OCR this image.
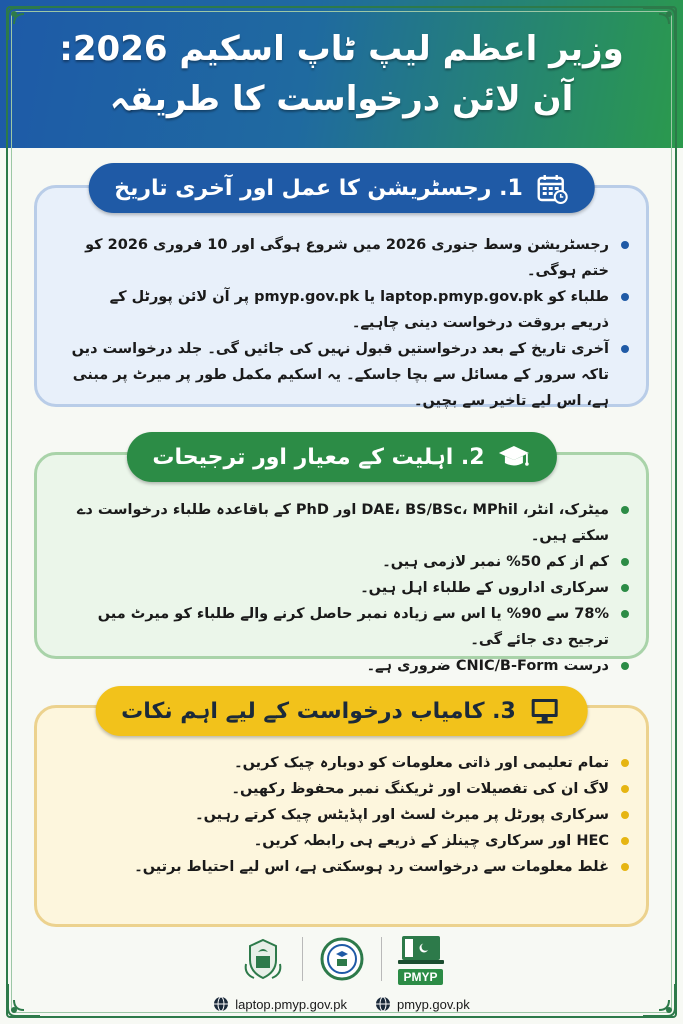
وزیر اعظم لیپ ٹاپ اسکیم 2026:
آن لائن درخواست کا طریقہ
1. رجسٹریشن کا عمل اور آخری تاریخ
رجسٹریشن وسط جنوری 2026 میں شروع ہوگی اور 10 فروری 2026 کو ختم ہوگی۔
طلباء کو laptop.pmyp.gov.pk یا pmyp.gov.pk پر آن لائن پورٹل کے ذریعے بروقت درخواست دینی چاہیے۔
آخری تاریخ کے بعد درخواستیں قبول نہیں کی جائیں گی۔ جلد درخواست دیں تاکہ سرور کے مسائل سے بچا جاسکے۔ یہ اسکیم مکمل طور پر میرٹ پر مبنی ہے، اس لیے تاخیر سے بچیں۔
2. اہلیت کے معیار اور ترجیحات
میٹرک، انٹر، DAE، BS/BSc، MPhil اور PhD کے باقاعدہ طلباء درخواست دے سکتے ہیں۔
کم از کم 50% نمبر لازمی ہیں۔
سرکاری اداروں کے طلباء اہل ہیں۔
78% سے 90% یا اس سے زیادہ نمبر حاصل کرنے والے طلباء کو میرٹ میں ترجیح دی جائے گی۔
درست CNIC/B-Form ضروری ہے۔
3. کامیاب درخواست کے لیے اہم نکات
تمام تعلیمی اور ذاتی معلومات کو دوبارہ چیک کریں۔
لاگ ان کی تفصیلات اور ٹریکنگ نمبر محفوظ رکھیں۔
سرکاری پورٹل پر میرٹ لسٹ اور اپڈیٹس چیک کرتے رہیں۔
HEC اور سرکاری چینلز کے ذریعے ہی رابطہ کریں۔
غلط معلومات سے درخواست رد ہوسکتی ہے، اس لیے احتیاط برتیں۔
PMYP
laptop.pmyp.gov.pk	pmyp.gov.pk
